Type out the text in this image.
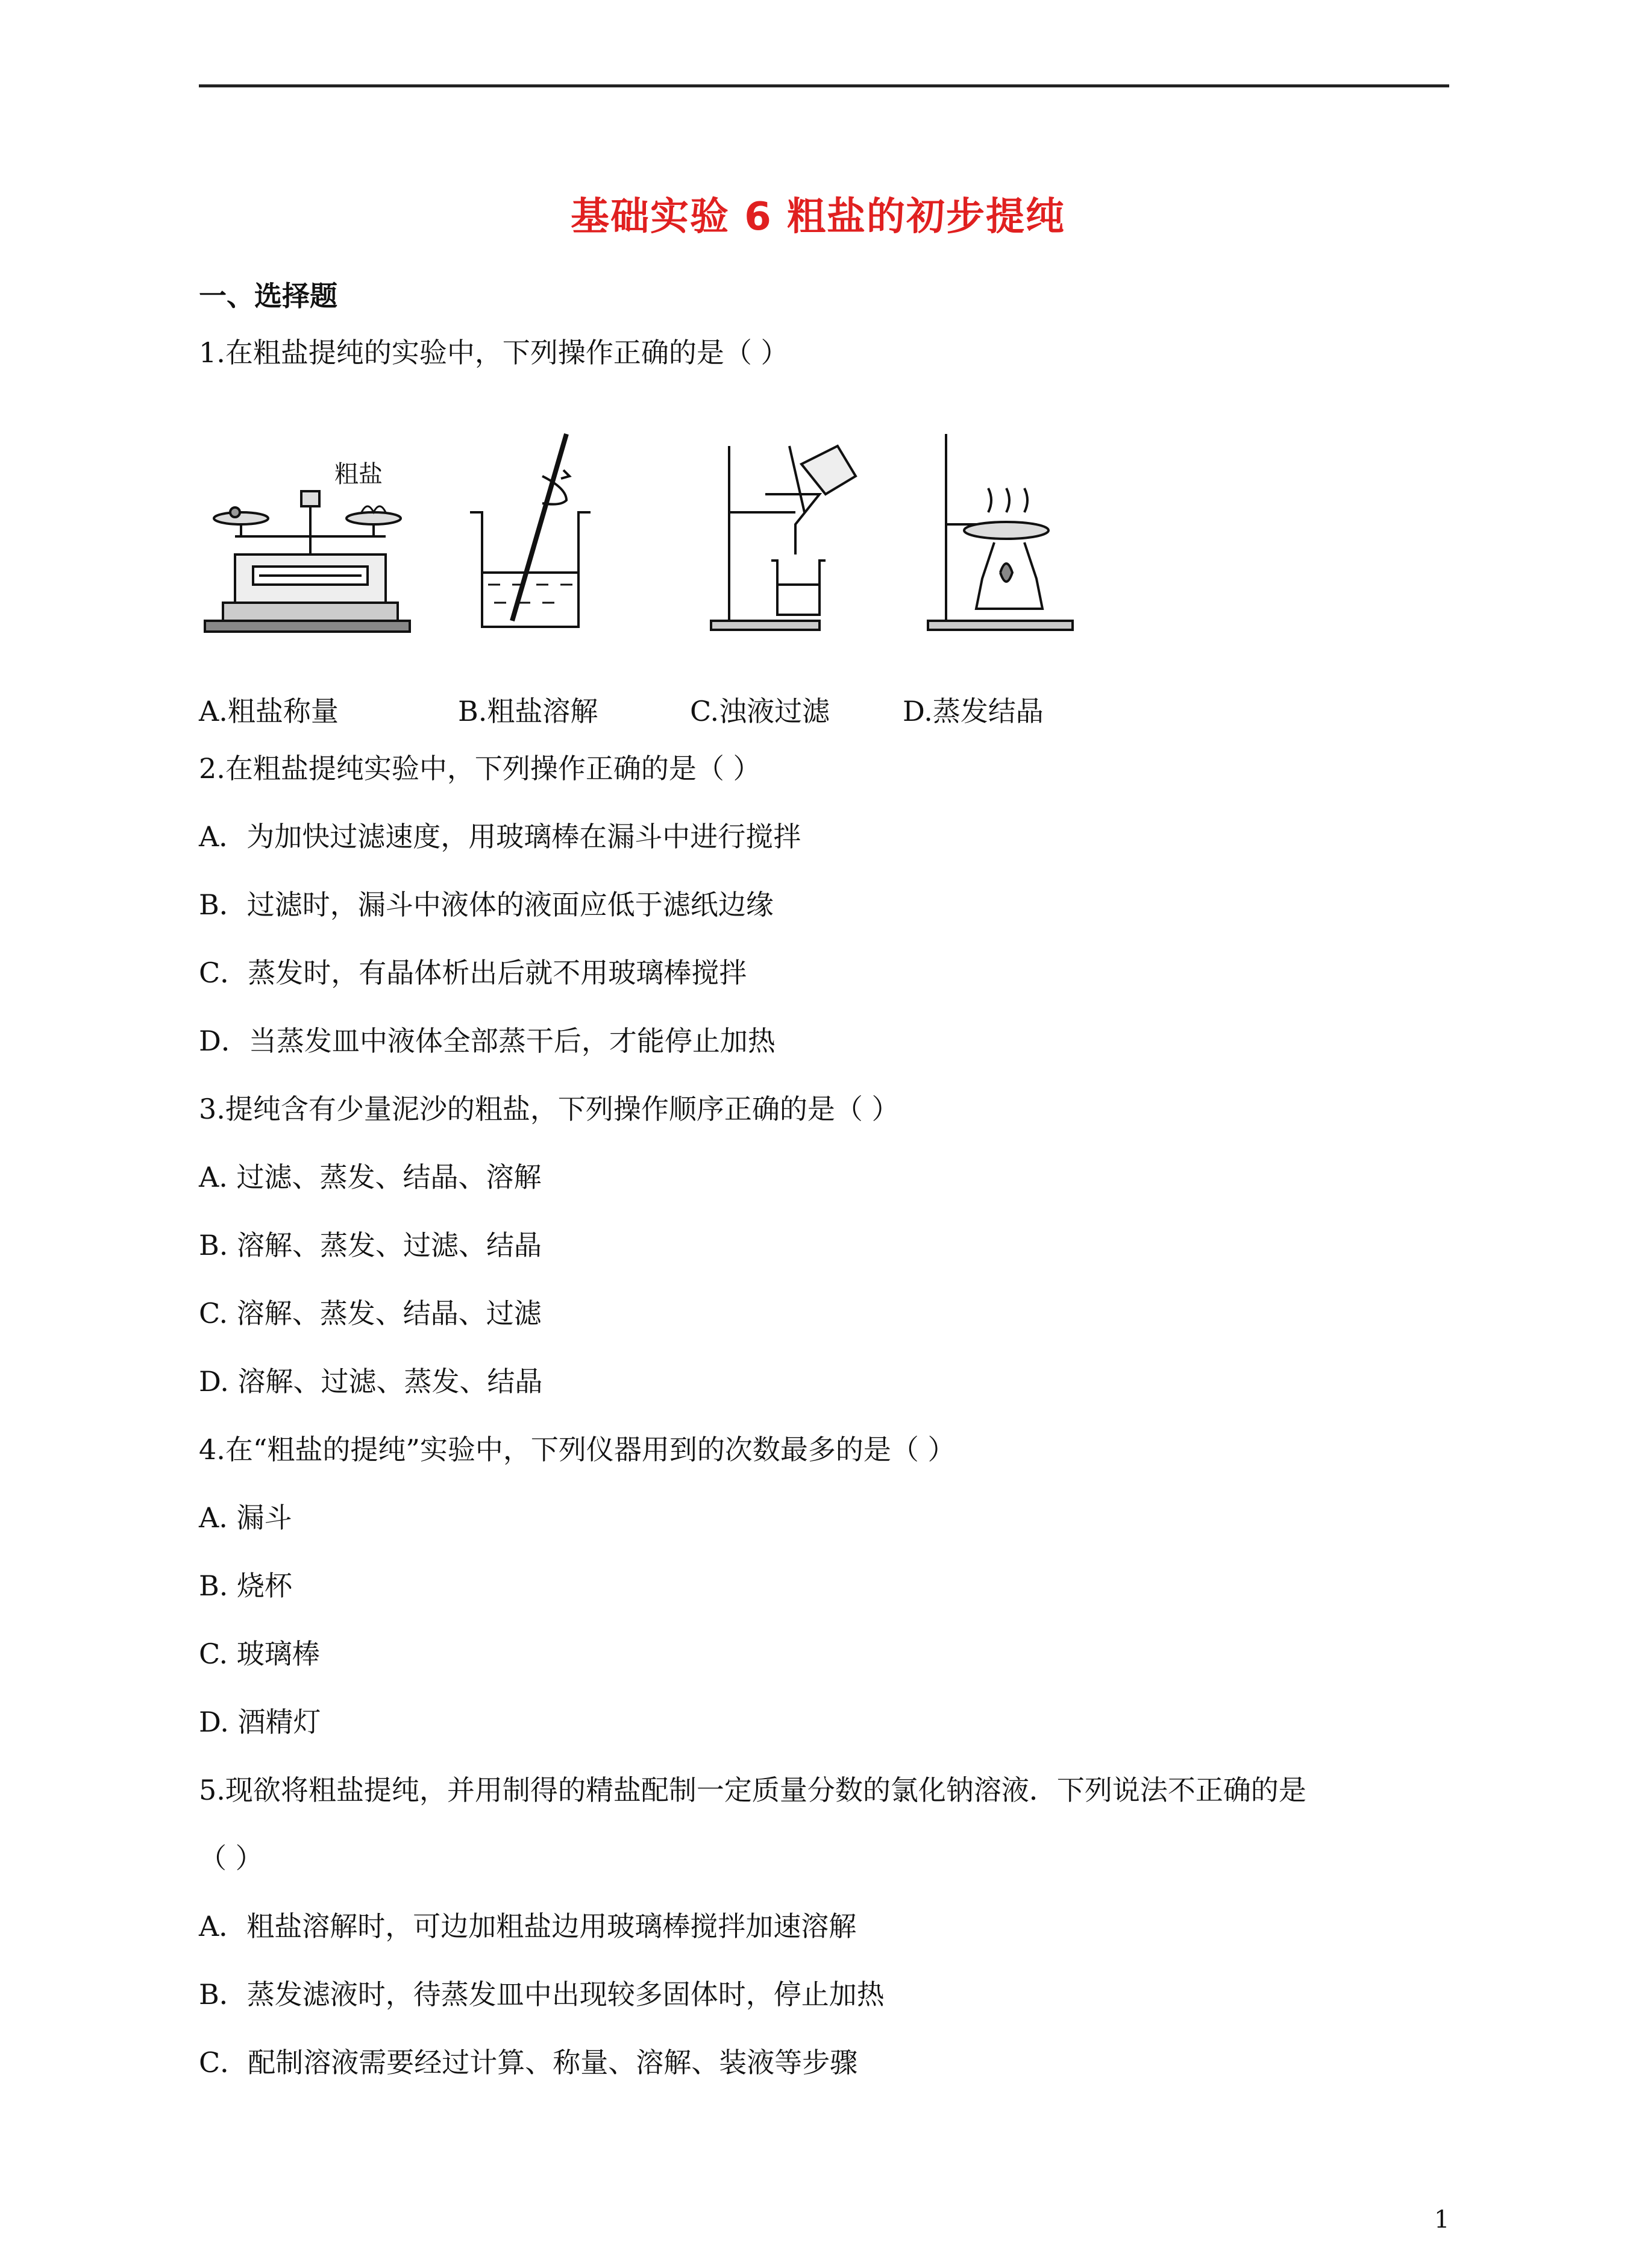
基础实验 6 粗盐的初步提纯
一、选择题
1.在粗盐提纯的实验中，下列操作正确的是（ ）
粗盐
A.粗盐称量	B.粗盐溶解	C.浊液过滤	D.蒸发结晶
2.在粗盐提纯实验中，下列操作正确的是（ ）
A．为加快过滤速度，用玻璃棒在漏斗中进行搅拌
B．过滤时，漏斗中液体的液面应低于滤纸边缘
C．蒸发时，有晶体析出后就不用玻璃棒搅拌
D．当蒸发皿中液体全部蒸干后，才能停止加热
3.提纯含有少量泥沙的粗盐，下列操作顺序正确的是（ ）
A. 过滤、蒸发、结晶、溶解
B. 溶解、蒸发、过滤、结晶
C. 溶解、蒸发、结晶、过滤
D. 溶解、过滤、蒸发、结晶
4.在“粗盐的提纯”实验中，下列仪器用到的次数最多的是（ ）
A. 漏斗
B. 烧杯
C. 玻璃棒
D. 酒精灯
5.现欲将粗盐提纯，并用制得的精盐配制一定质量分数的氯化钠溶液．下列说法不正确的是
（ ）
A．粗盐溶解时，可边加粗盐边用玻璃棒搅拌加速溶解
B．蒸发滤液时，待蒸发皿中出现较多固体时，停止加热
C．配制溶液需要经过计算、称量、溶解、装液等步骤
1
